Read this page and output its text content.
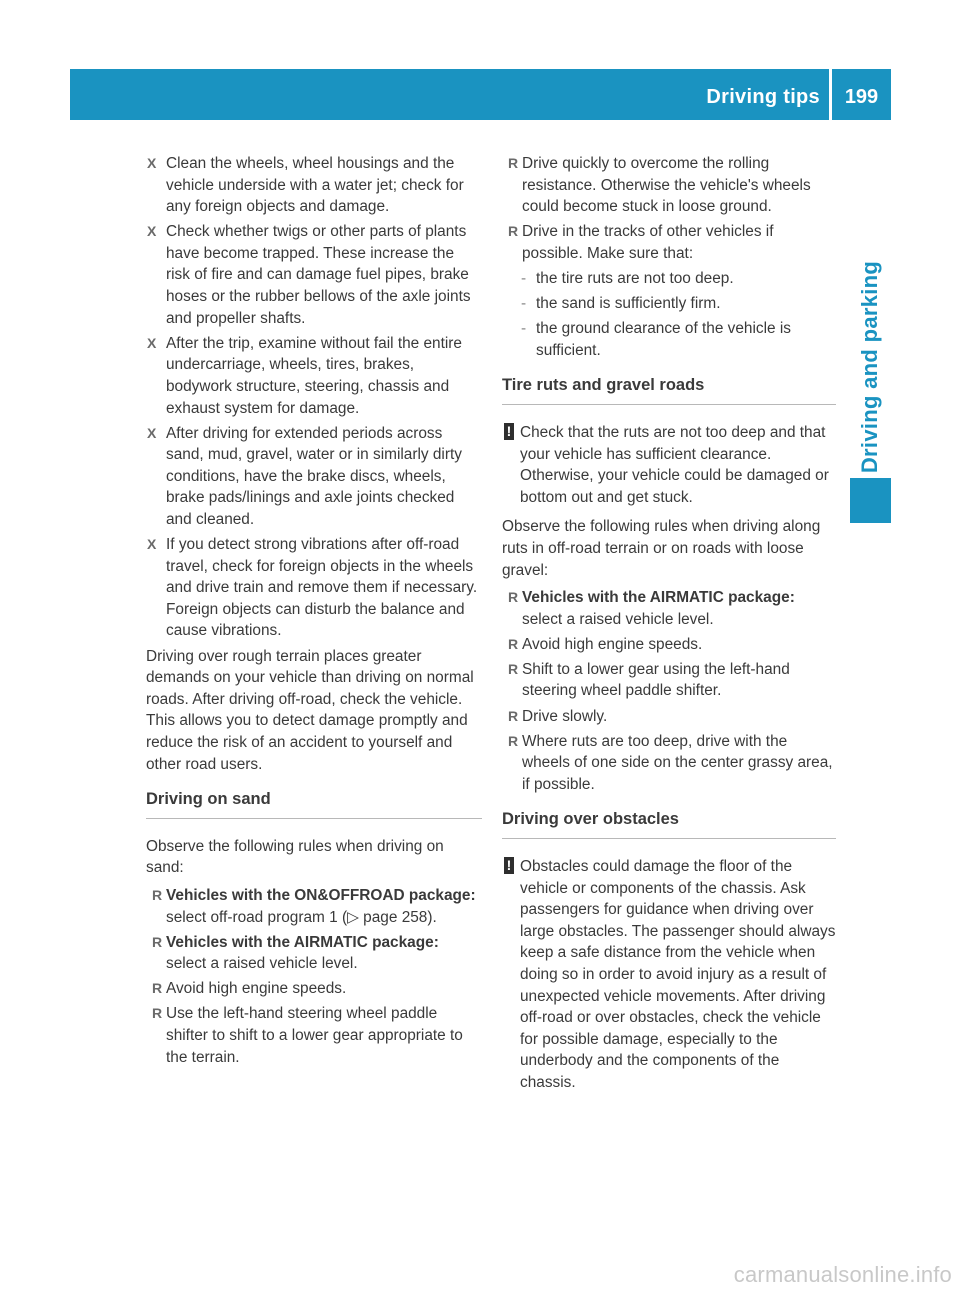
Driving tips	199
Driving and parking
X Clean the wheels, wheel housings and the vehicle underside with a water jet; check for any foreign objects and damage.
X Check whether twigs or other parts of plants have become trapped. These increase the risk of fire and can damage fuel pipes, brake hoses or the rubber bellows of the axle joints and propeller shafts.
X After the trip, examine without fail the entire undercarriage, wheels, tires, brakes, bodywork structure, steering, chassis and exhaust system for damage.
X After driving for extended periods across sand, mud, gravel, water or in similarly dirty conditions, have the brake discs, wheels, brake pads/linings and axle joints checked and cleaned.
X If you detect strong vibrations after off-road travel, check for foreign objects in the wheels and drive train and remove them if necessary. Foreign objects can disturb the balance and cause vibrations.

Driving over rough terrain places greater demands on your vehicle than driving on normal roads. After driving off-road, check the vehicle. This allows you to detect damage promptly and reduce the risk of an accident to yourself and other road users.

Driving on sand

Observe the following rules when driving on sand:

R Vehicles with the ON&OFFROAD package: select off-road program 1 (▷ page 258).
R Vehicles with the AIRMATIC package: select a raised vehicle level.
R Avoid high engine speeds.
R Use the left-hand steering wheel paddle shifter to shift to a lower gear appropriate to the terrain.
R Drive quickly to overcome the rolling resistance. Otherwise the vehicle's wheels could become stuck in loose ground.
R Drive in the tracks of other vehicles if possible. Make sure that:
- the tire ruts are not too deep.
- the sand is sufficiently firm.
- the ground clearance of the vehicle is sufficient.
Tire ruts and gravel roads
! Check that the ruts are not too deep and that your vehicle has sufficient clearance. Otherwise, your vehicle could be damaged or bottom out and get stuck.

Observe the following rules when driving along ruts in off-road terrain or on roads with loose gravel:

R Vehicles with the AIRMATIC package:
select a raised vehicle level.
R Avoid high engine speeds.
R Shift to a lower gear using the left-hand steering wheel paddle shifter.
R Drive slowly.
R Where ruts are too deep, drive with the wheels of one side on the center grassy area, if possible.
Driving over obstacles
! Obstacles could damage the floor of the vehicle or components of the chassis. Ask passengers for guidance when driving over large obstacles. The passenger should always keep a safe distance from the vehicle when doing so in order to avoid injury as a result of unexpected vehicle movements. After driving off-road or over obstacles, check the vehicle for possible damage, especially to the underbody and the components of the chassis.
carmanualsonline.info
